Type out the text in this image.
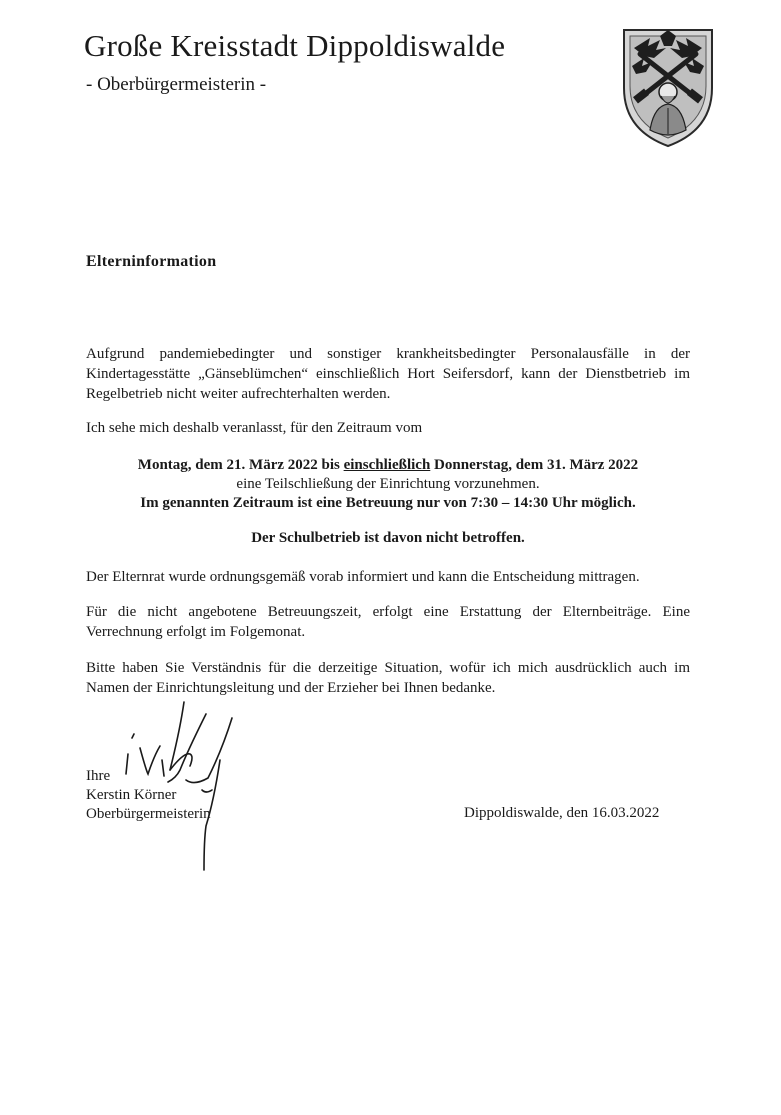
Große Kreisstadt Dippoldiswalde
- Oberbürgermeisterin -
Elterninformation

Aufgrund pandemiebedingter und sonstiger krankheitsbedingter Personalausfälle in der Kindertagesstätte „Gänseblümchen“ einschließlich Hort Seifersdorf, kann der Dienstbetrieb im Regelbetrieb nicht weiter aufrechterhalten werden.

Ich sehe mich deshalb veranlasst, für den Zeitraum vom

Montag, dem 21. März 2022 bis einschließlich Donnerstag, dem 31. März 2022
eine Teilschließung der Einrichtung vorzunehmen.
Im genannten Zeitraum ist eine Betreuung nur von 7:30 – 14:30 Uhr möglich.
Der Schulbetrieb ist davon nicht betroffen.

Der Elternrat wurde ordnungsgemäß vorab informiert und kann die Entscheidung mittragen.

Für die nicht angebotene Betreuungszeit, erfolgt eine Erstattung der Elternbeiträge. Eine Verrechnung erfolgt im Folgemonat.

Bitte haben Sie Verständnis für die derzeitige Situation, wofür ich mich ausdrücklich auch im Namen der Einrichtungsleitung und der Erzieher bei Ihnen bedanke.

Ihre
Kerstin Körner
Oberbürgermeisterin	Dippoldiswalde, den 16.03.2022
